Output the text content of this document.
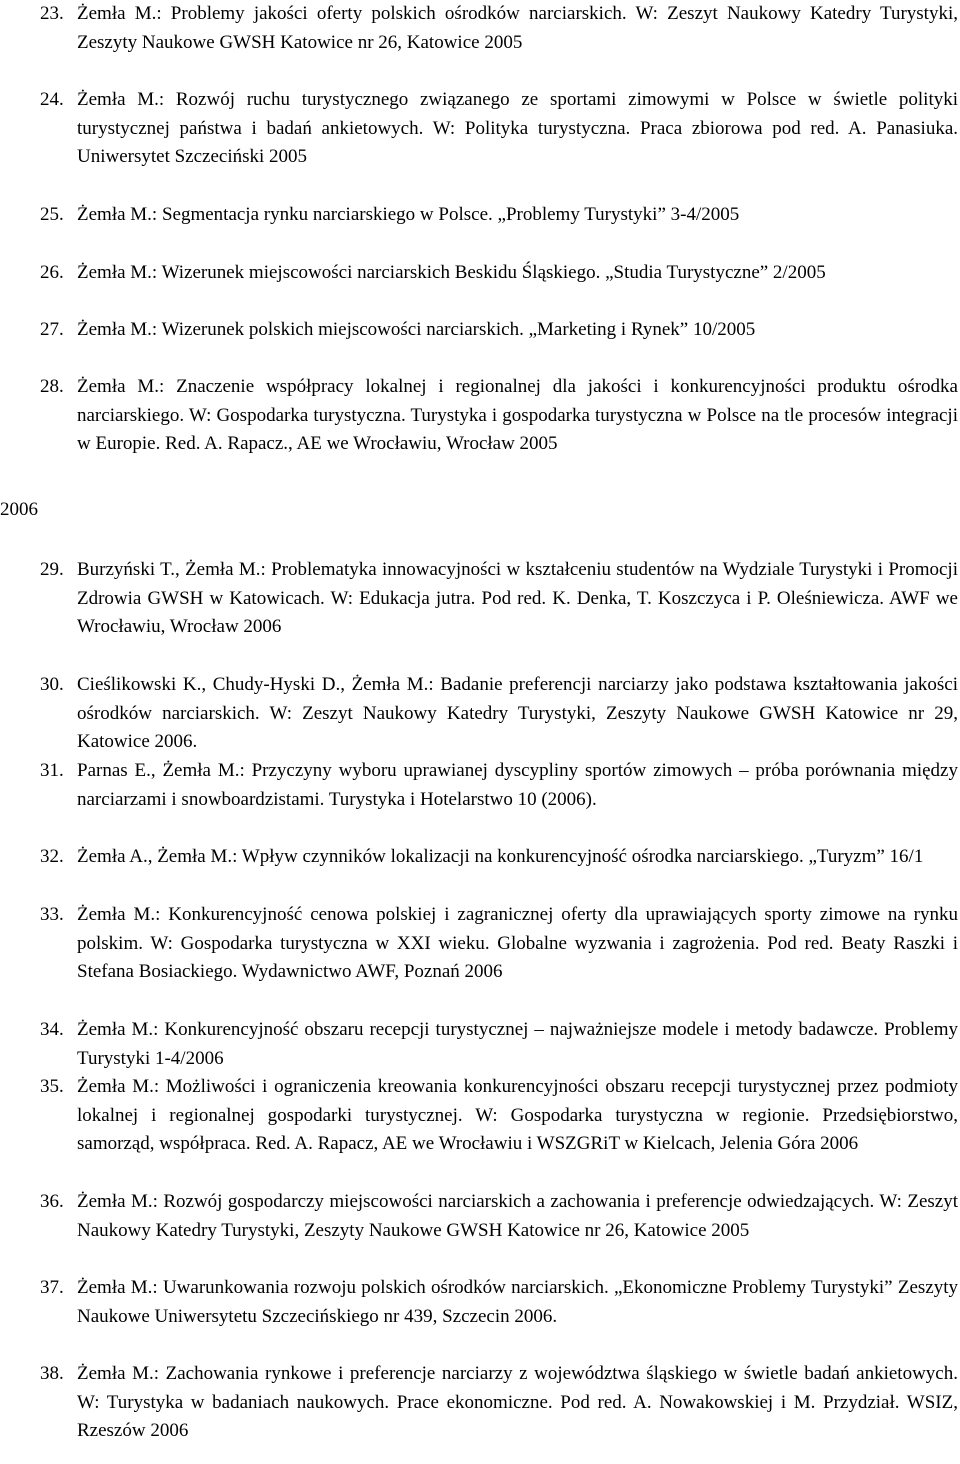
23. Żemła M.: Problemy jakości oferty polskich ośrodków narciarskich. W: Zeszyt Naukowy Katedry Turystyki, Zeszyty Naukowe GWSH Katowice nr 26, Katowice 2005
24. Żemła M.: Rozwój ruchu turystycznego związanego ze sportami zimowymi w Polsce w świetle polityki turystycznej państwa i badań ankietowych. W: Polityka turystyczna. Praca zbiorowa pod red. A. Panasiuka. Uniwersytet Szczeciński 2005
25. Żemła M.: Segmentacja rynku narciarskiego w Polsce. „Problemy Turystyki” 3-4/2005
26. Żemła M.: Wizerunek miejscowości narciarskich Beskidu Śląskiego. „Studia Turystyczne” 2/2005
27. Żemła M.: Wizerunek polskich miejscowości narciarskich. „Marketing i Rynek” 10/2005
28. Żemła M.: Znaczenie współpracy lokalnej i regionalnej dla jakości i konkurencyjności produktu ośrodka narciarskiego. W: Gospodarka turystyczna. Turystyka i gospodarka turystyczna w Polsce na tle procesów integracji w Europie. Red. A. Rapacz., AE we Wrocławiu, Wrocław 2005
2006
29. Burzyński T., Żemła M.: Problematyka innowacyjności w kształceniu studentów na Wydziale Turystyki i Promocji Zdrowia GWSH w Katowicach. W: Edukacja jutra. Pod red. K. Denka, T. Koszczyca i P. Oleśniewicza. AWF we Wrocławiu, Wrocław 2006
30. Cieślikowski K., Chudy-Hyski D., Żemła M.: Badanie preferencji narciarzy jako podstawa kształtowania jakości ośrodków narciarskich. W: Zeszyt Naukowy Katedry Turystyki, Zeszyty Naukowe GWSH Katowice nr 29, Katowice 2006.
31. Parnas E., Żemła M.: Przyczyny wyboru uprawianej dyscypliny sportów zimowych – próba porównania między narciarzami i snowboardzistami. Turystyka i Hotelarstwo 10 (2006).
32. Żemła A., Żemła M.: Wpływ czynników lokalizacji na konkurencyjność ośrodka narciarskiego. „Turyzm” 16/1
33. Żemła M.: Konkurencyjność cenowa polskiej i zagranicznej oferty dla uprawiających sporty zimowe na rynku polskim. W: Gospodarka turystyczna w XXI wieku. Globalne wyzwania i zagrożenia. Pod red. Beaty Raszki i Stefana Bosiackiego. Wydawnictwo AWF, Poznań 2006
34. Żemła M.: Konkurencyjność obszaru recepcji turystycznej – najważniejsze modele i metody badawcze. Problemy Turystyki 1-4/2006
35. Żemła M.: Możliwości i ograniczenia kreowania konkurencyjności obszaru recepcji turystycznej przez podmioty lokalnej i regionalnej gospodarki turystycznej. W: Gospodarka turystyczna w regionie. Przedsiębiorstwo, samorząd, współpraca. Red. A. Rapacz, AE we Wrocławiu i WSZGRiT w Kielcach, Jelenia Góra 2006
36. Żemła M.: Rozwój gospodarczy miejscowości narciarskich a zachowania i preferencje odwiedzających. W: Zeszyt Naukowy Katedry Turystyki, Zeszyty Naukowe GWSH Katowice nr 26, Katowice 2005
37. Żemła M.: Uwarunkowania rozwoju polskich ośrodków narciarskich. „Ekonomiczne Problemy Turystyki” Zeszyty Naukowe Uniwersytetu Szczecińskiego nr 439, Szczecin 2006.
38. Żemła M.: Zachowania rynkowe i preferencje narciarzy z województwa śląskiego w świetle badań ankietowych. W: Turystyka w badaniach naukowych. Prace ekonomiczne. Pod red. A. Nowakowskiej i M. Przydział. WSIZ, Rzeszów 2006
